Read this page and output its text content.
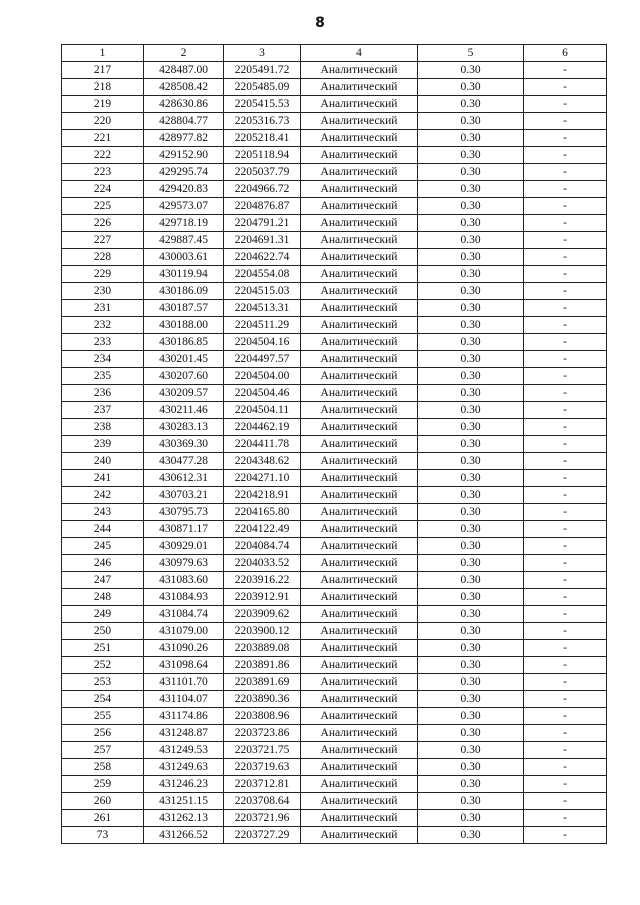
8
1	2	3	4	5	6
217	428487.00	2205491.72	Аналитический	0.30	-
218	428508.42	2205485.09	Аналитический	0.30	-
219	428630.86	2205415.53	Аналитический	0.30	-
220	428804.77	2205316.73	Аналитический	0.30	-
221	428977.82	2205218.41	Аналитический	0.30	-
222	429152.90	2205118.94	Аналитический	0.30	-
223	429295.74	2205037.79	Аналитический	0.30	-
224	429420.83	2204966.72	Аналитический	0.30	-
225	429573.07	2204876.87	Аналитический	0.30	-
226	429718.19	2204791.21	Аналитический	0.30	-
227	429887.45	2204691.31	Аналитический	0.30	-
228	430003.61	2204622.74	Аналитический	0.30	-
229	430119.94	2204554.08	Аналитический	0.30	-
230	430186.09	2204515.03	Аналитический	0.30	-
231	430187.57	2204513.31	Аналитический	0.30	-
232	430188.00	2204511.29	Аналитический	0.30	-
233	430186.85	2204504.16	Аналитический	0.30	-
234	430201.45	2204497.57	Аналитический	0.30	-
235	430207.60	2204504.00	Аналитический	0.30	-
236	430209.57	2204504.46	Аналитический	0.30	-
237	430211.46	2204504.11	Аналитический	0.30	-
238	430283.13	2204462.19	Аналитический	0.30	-
239	430369.30	2204411.78	Аналитический	0.30	-
240	430477.28	2204348.62	Аналитический	0.30	-
241	430612.31	2204271.10	Аналитический	0.30	-
242	430703.21	2204218.91	Аналитический	0.30	-
243	430795.73	2204165.80	Аналитический	0.30	-
244	430871.17	2204122.49	Аналитический	0.30	-
245	430929.01	2204084.74	Аналитический	0.30	-
246	430979.63	2204033.52	Аналитический	0.30	-
247	431083.60	2203916.22	Аналитический	0.30	-
248	431084.93	2203912.91	Аналитический	0.30	-
249	431084.74	2203909.62	Аналитический	0.30	-
250	431079.00	2203900.12	Аналитический	0.30	-
251	431090.26	2203889.08	Аналитический	0.30	-
252	431098.64	2203891.86	Аналитический	0.30	-
253	431101.70	2203891.69	Аналитический	0.30	-
254	431104.07	2203890.36	Аналитический	0.30	-
255	431174.86	2203808.96	Аналитический	0.30	-
256	431248.87	2203723.86	Аналитический	0.30	-
257	431249.53	2203721.75	Аналитический	0.30	-
258	431249.63	2203719.63	Аналитический	0.30	-
259	431246.23	2203712.81	Аналитический	0.30	-
260	431251.15	2203708.64	Аналитический	0.30	-
261	431262.13	2203721.96	Аналитический	0.30	-
73	431266.52	2203727.29	Аналитический	0.30	-
